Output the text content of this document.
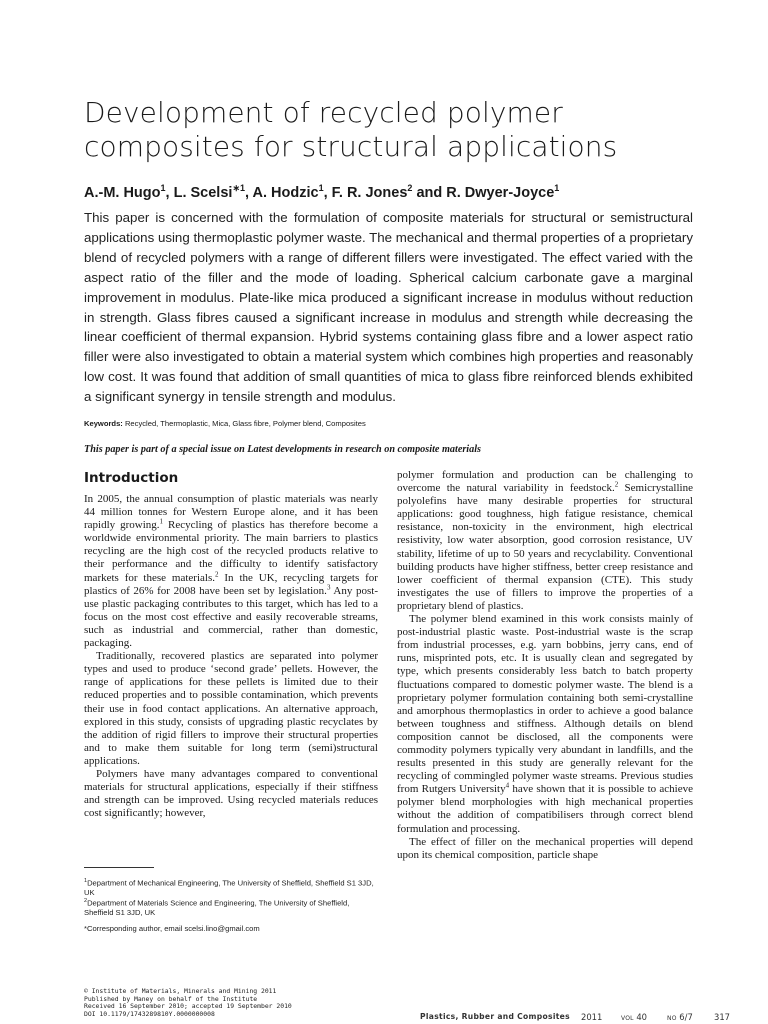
Development of recycled polymer composites for structural applications

A.-M. Hugo$^1$, L. Scelsi$^{∗1}$, A. Hodzic$^1$, F. R. Jones$^2$ and R. Dwyer-Joyce$^1$

This paper is concerned with the formulation of composite materials for structural or semistructural applications using thermoplastic polymer waste. The mechanical and thermal properties of a proprietary blend of recycled polymers with a range of different fillers were investigated. The effect varied with the aspect ratio of the filler and the mode of loading. Spherical calcium carbonate gave a marginal improvement in modulus. Plate-like mica produced a significant increase in modulus without reduction in strength. Glass fibres caused a significant increase in modulus and strength while decreasing the linear coefficient of thermal expansion. Hybrid systems containing glass fibre and a lower aspect ratio filler were also investigated to obtain a material system which combines high properties and reasonably low cost. It was found that addition of small quantities of mica to glass fibre reinforced blends exhibited a significant synergy in tensile strength and modulus.

Keywords: Recycled, Thermoplastic, Mica, Glass fibre, Polymer blend, Composites

This paper is part of a special issue on Latest developments in research on composite materials

Introduction

In 2005, the annual consumption of plastic materials was nearly 44 million tonnes for Western Europe alone, and it has been rapidly growing.$^1$ Recycling of plastics has therefore become a worldwide environmental priority. The main barriers to plastics recycling are the high cost of the recycled products relative to their performance and the difficulty to identify satisfactory markets for these materials.$^2$ In the UK, recycling targets for plastics of 26% for 2008 have been set by legislation.$^3$ Any post-use plastic packaging contributes to this target, which has led to a focus on the most cost effective and easily recoverable streams, such as industrial and commercial, rather than domestic, packaging.

Traditionally, recovered plastics are separated into polymer types and used to produce ‘second grade’ pellets. However, the range of applications for these pellets is limited due to their reduced properties and to possible contamination, which prevents their use in food contact applications. An alternative approach, explored in this study, consists of upgrading plastic recyclates by the addition of rigid fillers to improve their structural properties and to make them suitable for long term (semi)structural applications.

Polymers have many advantages compared to conventional materials for structural applications, especially if their stiffness and strength can be improved. Using recycled materials reduces cost significantly; however,

polymer formulation and production can be challenging to overcome the natural variability in feedstock.$^2$ Semicrystalline polyolefins have many desirable properties for structural applications: good toughness, high fatigue resistance, chemical resistance, non-toxicity in the environment, high electrical resistivity, low water absorption, good corrosion resistance, UV stability, lifetime of up to 50 years and recyclability. Conventional building products have higher stiffness, better creep resistance and lower coefficient of thermal expansion (CTE). This study investigates the use of fillers to improve the properties of a proprietary blend of plastics.

The polymer blend examined in this work consists mainly of post-industrial plastic waste. Post-industrial waste is the scrap from industrial processes, e.g. yarn bobbins, jerry cans, end of runs, misprinted pots, etc. It is usually clean and segregated by type, which presents considerably less batch to batch property fluctuations compared to domestic polymer waste. The blend is a proprietary polymer formulation containing both semi-crystalline and amorphous thermoplastics in order to achieve a good balance between toughness and stiffness. Although details on blend composition cannot be disclosed, all the components were commodity polymers typically very abundant in landfills, and the results presented in this study are generally relevant for the recycling of commingled polymer waste streams. Previous studies from Rutgers University$^4$ have shown that it is possible to achieve polymer blend morphologies with high mechanical properties without the addition of compatibilisers through correct blend formulation and processing.

The effect of filler on the mechanical properties will depend upon its chemical composition, particle shape

$^1$Department of Mechanical Engineering, The University of Sheffield, Sheffield S1 3JD, UK

$^2$Department of Materials Science and Engineering, The University of Sheffield, Sheffield S1 3JD, UK

*Corresponding author, email scelsi.lino@gmail.com

© Institute of Materials, Minerals and Mining 2011

Published by Maney on behalf of the Institute

Received 16 September 2010; accepted 19 September 2010

DOI 10.1179/1743289810Y.0000000008	Plastics, Rubber and Composites 2011	VOL 40	NO 6/7	317
